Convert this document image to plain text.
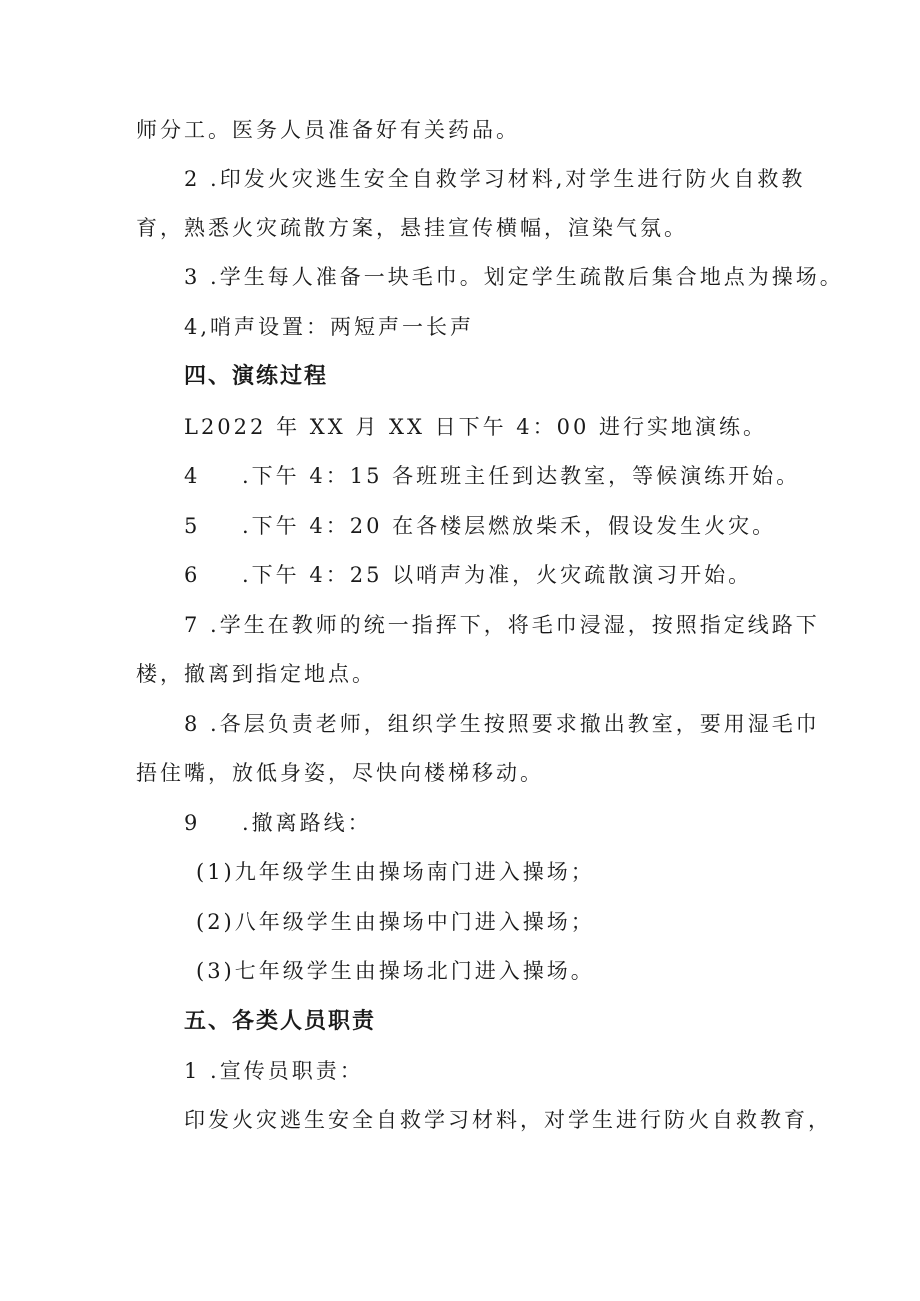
师分工。医务人员准备好有关药品。
2 .印发火灾逃生安全自救学习材料,对学生进行防火自救教
育，熟悉火灾疏散方案，悬挂宣传横幅，渲染气氛。
3 .学生每人准备一块毛巾。划定学生疏散后集合地点为操场。
4,哨声设置：两短声一长声
四、演练过程
L2022 年 XX 月 XX 日下午 4：00 进行实地演练。
4 .下午 4：15 各班班主任到达教室，等候演练开始。
5 .下午 4：20 在各楼层燃放柴禾，假设发生火灾。
6 .下午 4：25 以哨声为准，火灾疏散演习开始。
7 .学生在教师的统一指挥下，将毛巾浸湿，按照指定线路下
楼，撤离到指定地点。
8 .各层负责老师，组织学生按照要求撤出教室，要用湿毛巾
捂住嘴，放低身姿，尽快向楼梯移动。
9 .撤离路线：
(1)九年级学生由操场南门进入操场；
(2)八年级学生由操场中门进入操场；
(3)七年级学生由操场北门进入操场。
五、各类人员职责
1 .宣传员职责：
印发火灾逃生安全自救学习材料，对学生进行防火自救教育，
